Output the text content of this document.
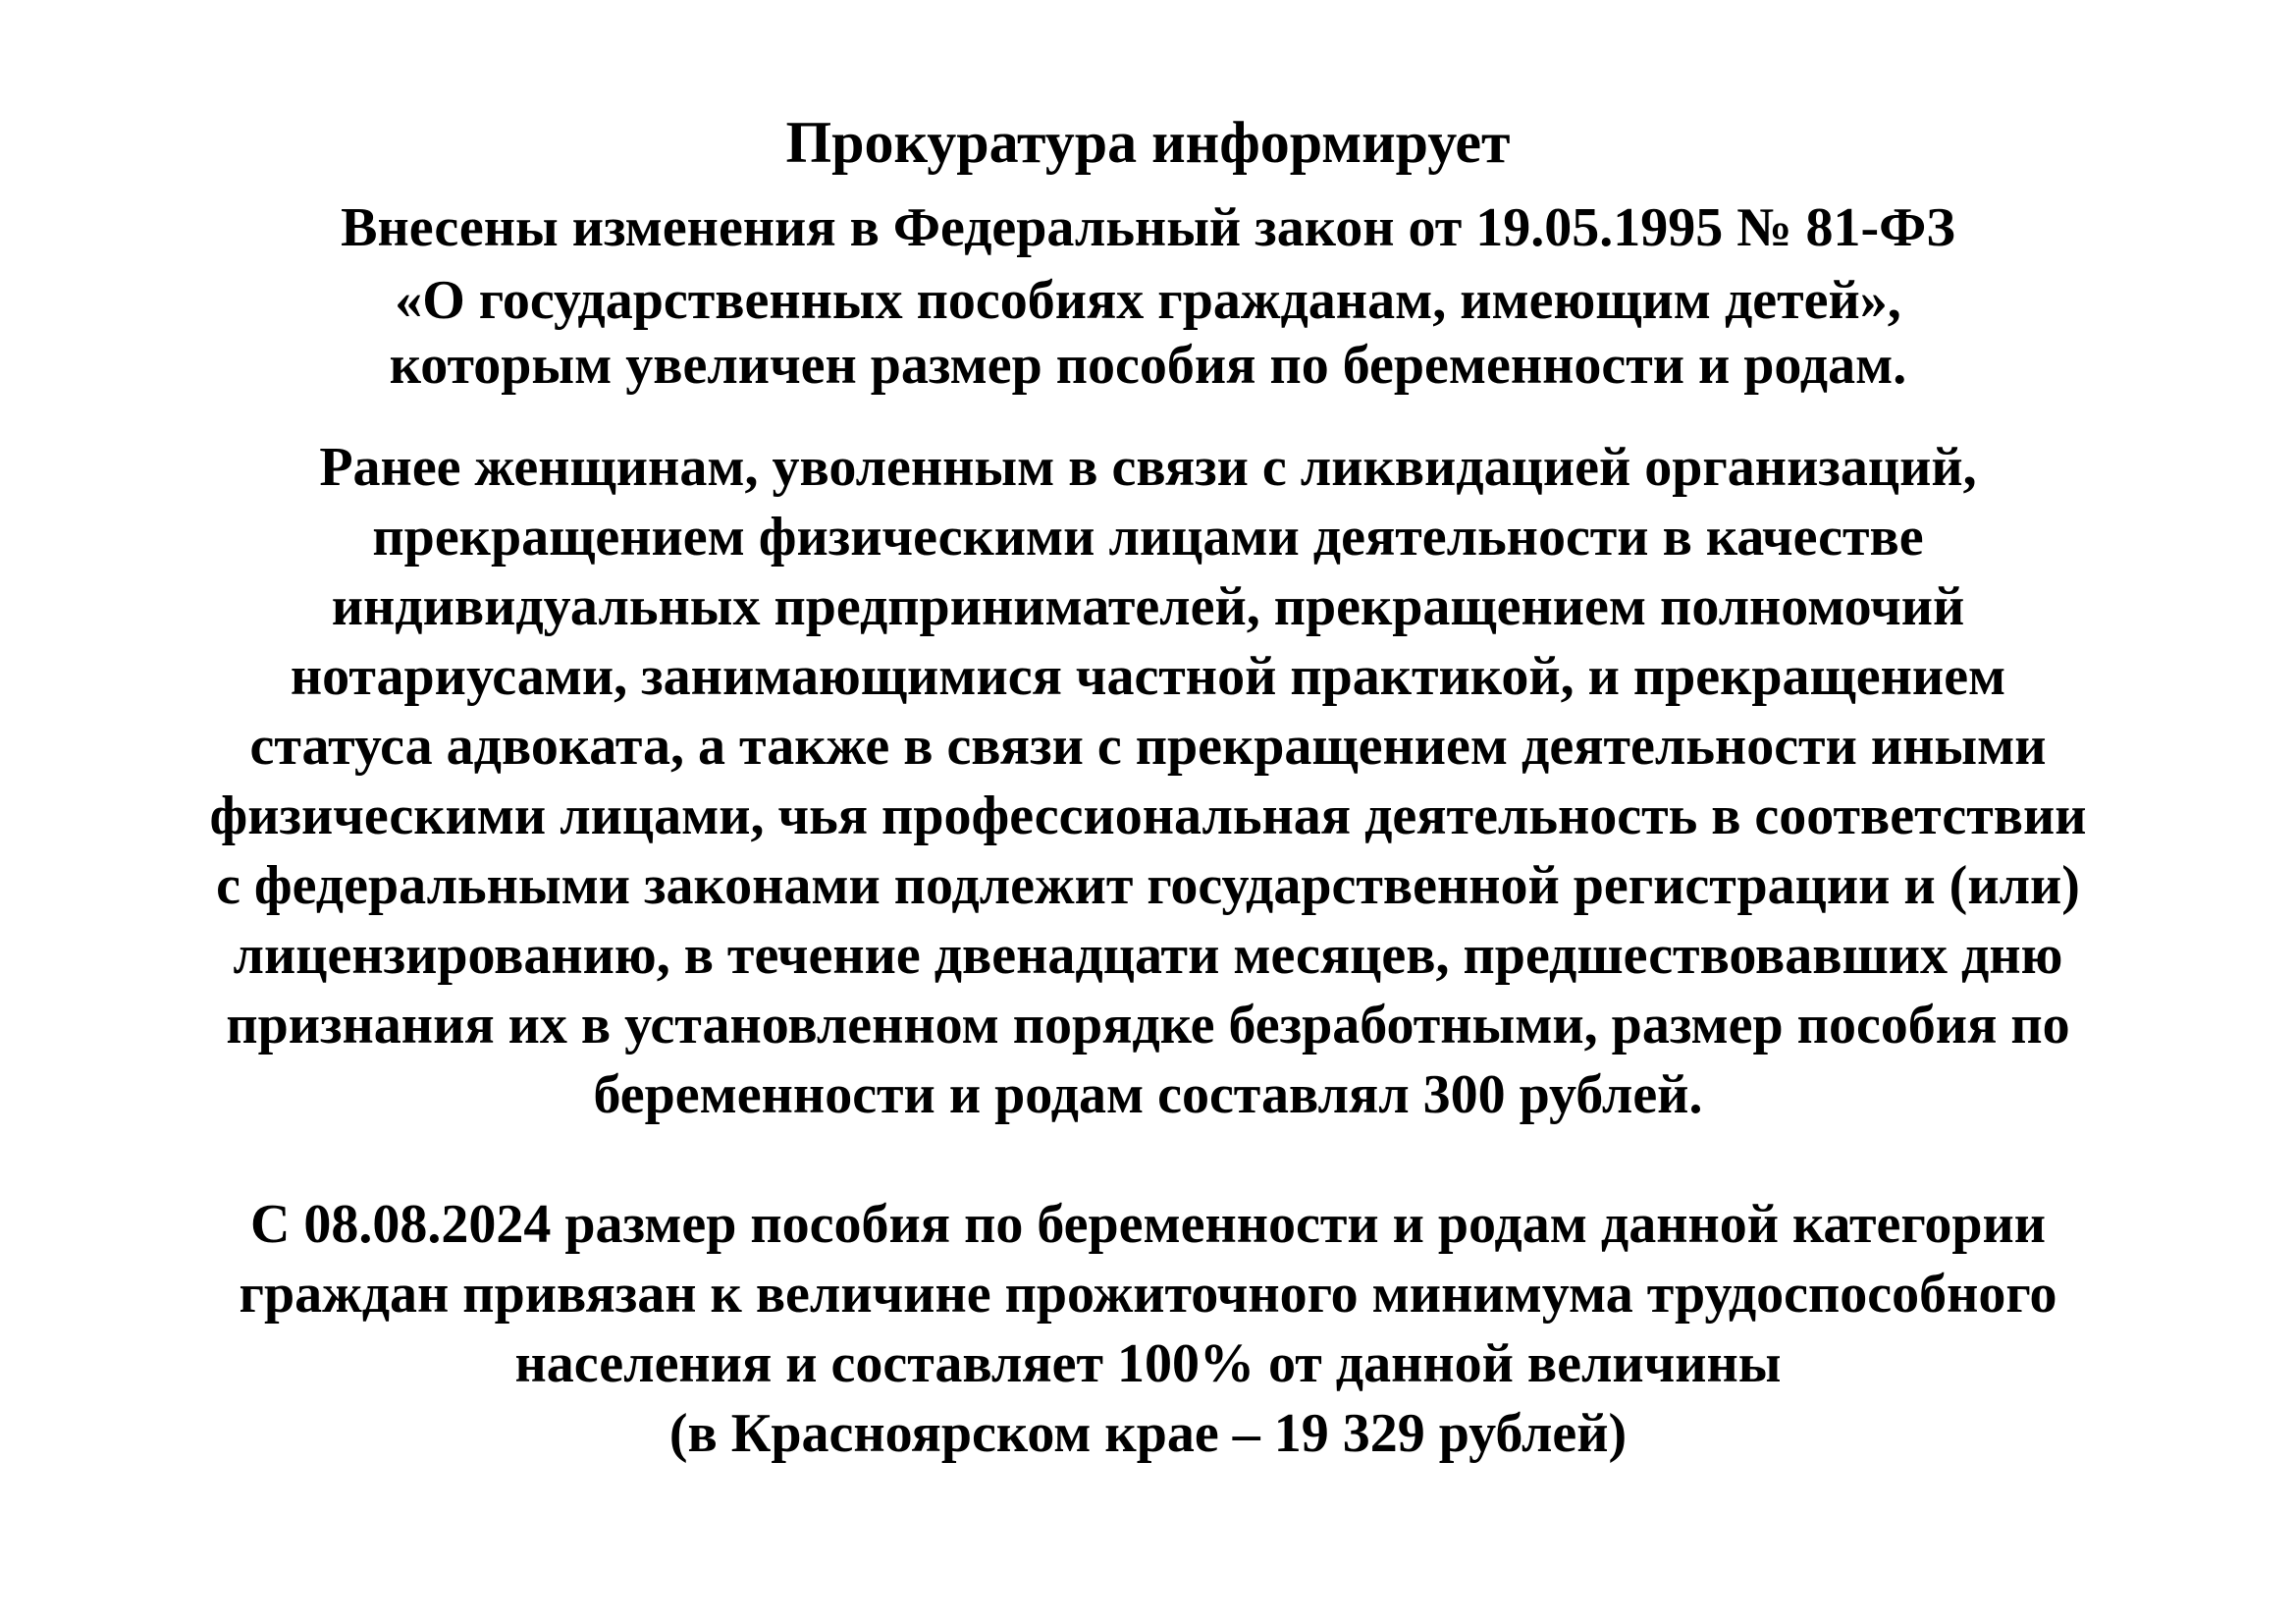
Прокуратура информирует
Внесены изменения в Федеральный закон от 19.05.1995 № 81-ФЗ
«О государственных пособиях гражданам, имеющим детей»,
которым увеличен размер пособия по беременности и родам.
Ранее женщинам, уволенным в связи с ликвидацией организаций,
прекращением физическими лицами деятельности в качестве
индивидуальных предпринимателей, прекращением полномочий
нотариусами, занимающимися частной практикой, и прекращением
статуса адвоката, а также в связи с прекращением деятельности иными
физическими лицами, чья профессиональная деятельность в соответствии
с федеральными законами подлежит государственной регистрации и (или)
лицензированию, в течение двенадцати месяцев, предшествовавших дню
признания их в установленном порядке безработными, размер пособия по
беременности и родам составлял 300 рублей.
С 08.08.2024 размер пособия по беременности и родам данной категории
граждан привязан к величине прожиточного минимума трудоспособного
населения и составляет 100% от данной величины
(в Красноярском крае – 19 329 рублей)
